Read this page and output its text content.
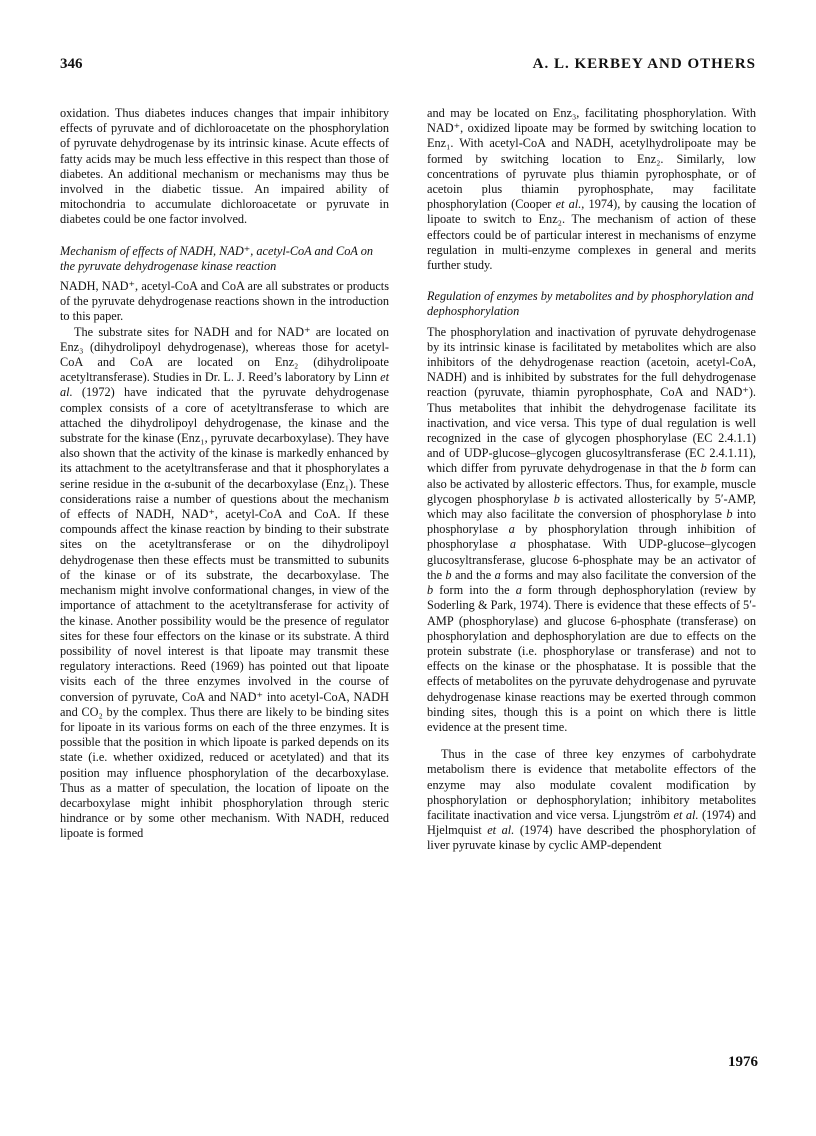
346	A. L. KERBEY AND OTHERS

oxidation. Thus diabetes induces changes that impair inhibitory effects of pyruvate and of dichloroacetate on the phosphorylation of pyruvate dehydrogenase by its intrinsic kinase. Acute effects of fatty acids may be much less effective in this respect than those of diabetes. An additional mechanism or mechanisms may thus be involved in the diabetic tissue. An impaired ability of mitochondria to accumulate dichloroacetate or pyruvate in diabetes could be one factor involved.

Mechanism of effects of NADH, NAD⁺, acetyl-CoA and CoA on the pyruvate dehydrogenase kinase reaction

NADH, NAD⁺, acetyl-CoA and CoA are all substrates or products of the pyruvate dehydrogenase reactions shown in the introduction to this paper.

The substrate sites for NADH and for NAD⁺ are located on Enz₃ (dihydrolipoyl dehydrogenase), whereas those for acetyl-CoA and CoA are located on Enz₂ (dihydrolipoate acetyltransferase). Studies in Dr. L. J. Reed’s laboratory by Linn et al. (1972) have indicated that the pyruvate dehydrogenase complex consists of a core of acetyltransferase to which are attached the dihydrolipoyl dehydrogenase, the kinase and the substrate for the kinase (Enz₁, pyruvate decarboxylase). They have also shown that the activity of the kinase is markedly enhanced by its attachment to the acetyltransferase and that it phosphorylates a serine residue in the α-subunit of the decarboxylase (Enz₁). These considerations raise a number of questions about the mechanism of effects of NADH, NAD⁺, acetyl-CoA and CoA. If these compounds affect the kinase reaction by binding to their substrate sites on the acetyltransferase or on the dihydrolipoyl dehydrogenase then these effects must be transmitted to subunits of the kinase or of its substrate, the decarboxylase. The mechanism might involve conformational changes, in view of the importance of attachment to the acetyltransferase for activity of the kinase. Another possibility would be the presence of regulator sites for these four effectors on the kinase or its substrate. A third possibility of novel interest is that lipoate may transmit these regulatory interactions. Reed (1969) has pointed out that lipoate visits each of the three enzymes involved in the course of conversion of pyruvate, CoA and NAD⁺ into acetyl-CoA, NADH and CO₂ by the complex. Thus there are likely to be binding sites for lipoate in its various forms on each of the three enzymes. It is possible that the position in which lipoate is parked depends on its state (i.e. whether oxidized, reduced or acetylated) and that its position may influence phosphorylation of the decarboxylase. Thus as a matter of speculation, the location of lipoate on the decarboxylase might inhibit phosphorylation through steric hindrance or by some other mechanism. With NADH, reduced lipoate is formed

and may be located on Enz₃, facilitating phosphorylation. With NAD⁺, oxidized lipoate may be formed by switching location to Enz₁. With acetyl-CoA and NADH, acetylhydrolipoate may be formed by switching location to Enz₂. Similarly, low concentrations of pyruvate plus thiamin pyrophosphate, or of acetoin plus thiamin pyrophosphate, may facilitate phosphorylation (Cooper et al., 1974), by causing the location of lipoate to switch to Enz₂. The mechanism of action of these effectors could be of particular interest in mechanisms of enzyme regulation in multi-enzyme complexes in general and merits further study.

Regulation of enzymes by metabolites and by phosphorylation and dephosphorylation

The phosphorylation and inactivation of pyruvate dehydrogenase by its intrinsic kinase is facilitated by metabolites which are also inhibitors of the dehydrogenase reaction (acetoin, acetyl-CoA, NADH) and is inhibited by substrates for the full dehydrogenase reaction (pyruvate, thiamin pyrophosphate, CoA and NAD⁺). Thus metabolites that inhibit the dehydrogenase facilitate its inactivation, and vice versa. This type of dual regulation is well recognized in the case of glycogen phosphorylase (EC 2.4.1.1) and of UDP-glucose–glycogen glucosyltransferase (EC 2.4.1.11), which differ from pyruvate dehydrogenase in that the b form can also be activated by allosteric effectors. Thus, for example, muscle glycogen phosphorylase b is activated allosterically by 5′-AMP, which may also facilitate the conversion of phosphorylase b into phosphorylase a by phosphorylation through inhibition of phosphorylase a phosphatase. With UDP-glucose–glycogen glucosyltransferase, glucose 6-phosphate may be an activator of the b and the a forms and may also facilitate the conversion of the b form into the a form through dephosphorylation (review by Soderling & Park, 1974). There is evidence that these effects of 5′-AMP (phosphorylase) and glucose 6-phosphate (transferase) on phosphorylation and dephosphorylation are due to effects on the protein substrate (i.e. phosphorylase or transferase) and not to effects on the kinase or the phosphatase. It is possible that the effects of metabolites on the pyruvate dehydrogenase and pyruvate dehydrogenase kinase reactions may be exerted through common binding sites, though this is a point on which there is little evidence at the present time.

Thus in the case of three key enzymes of carbohydrate metabolism there is evidence that metabolite effectors of the enzyme may also modulate covalent modification by phosphorylation or dephosphorylation; inhibitory metabolites facilitate inactivation and vice versa. Ljungström et al. (1974) and Hjelmquist et al. (1974) have described the phosphorylation of liver pyruvate kinase by cyclic AMP-dependent

1976
